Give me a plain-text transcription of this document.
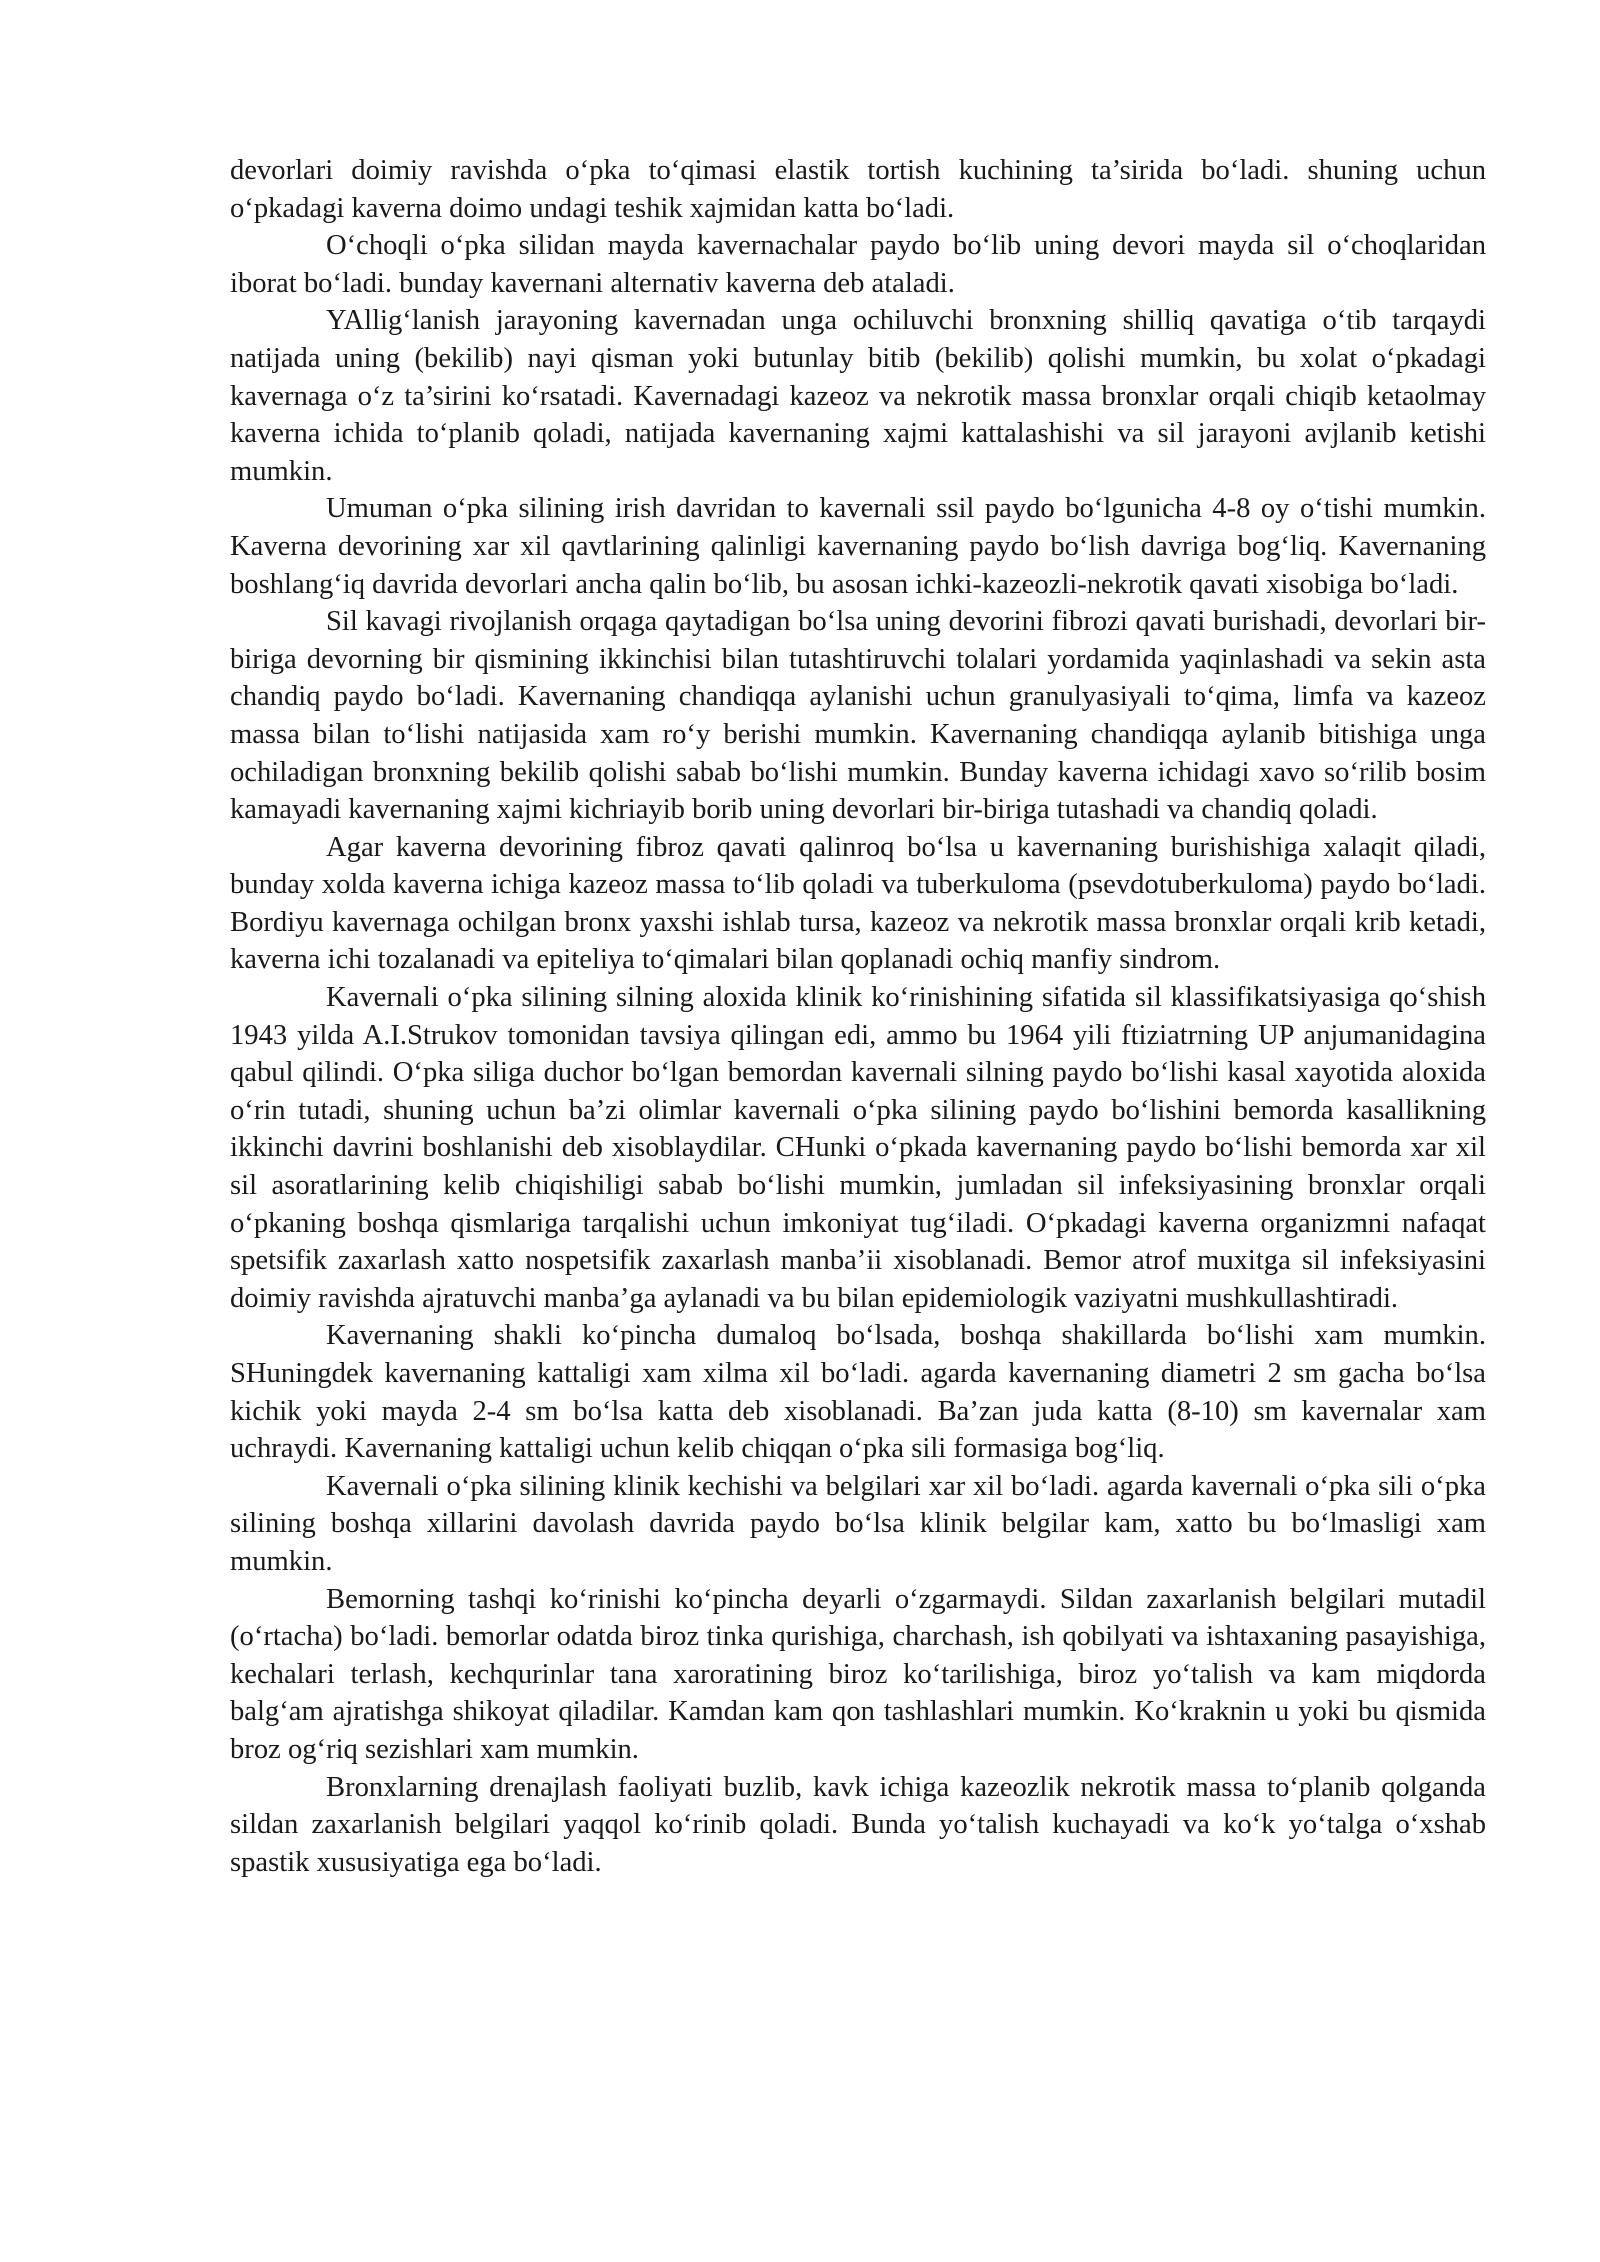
devorlari doimiy ravishda o‘pka to‘qimasi elastik tortish kuchining ta’sirida bo‘ladi. shuning uchun o‘pkadagi kaverna doimo undagi teshik xajmidan katta bo‘ladi.

O‘choqli o‘pka silidan mayda kavernachalar paydo bo‘lib uning devori mayda sil o‘choqlaridan iborat bo‘ladi. bunday kavernani alternativ kaverna deb ataladi.

YAllig‘lanish jarayoning kavernadan unga ochiluvchi bronxning shilliq qavatiga o‘tib tarqaydi natijada uning (bekilib) nayi qisman yoki butunlay bitib (bekilib) qolishi mumkin, bu xolat o‘pkadagi kavernaga o‘z ta’sirini ko‘rsatadi. Kavernadagi kazeoz va nekrotik massa bronxlar orqali chiqib ketaolmay kaverna ichida to‘planib qoladi, natijada kavernaning xajmi kattalashishi va sil jarayoni avjlanib ketishi mumkin.

Umuman o‘pka silining irish davridan to kavernali ssil paydo bo‘lgunicha 4-8 oy o‘tishi mumkin. Kaverna devorining xar xil qavtlarining qalinligi kavernaning paydo bo‘lish davriga bog‘liq. Kavernaning boshlang‘iq davrida devorlari ancha qalin bo‘lib, bu asosan ichki-kazeozli-nekrotik qavati xisobiga bo‘ladi.

Sil kavagi rivojlanish orqaga qaytadigan bo‘lsa uning devorini fibrozi qavati burishadi, devorlari bir-biriga devorning bir qismining ikkinchisi bilan tutashtiruvchi tolalari yordamida yaqinlashadi va sekin asta chandiq paydo bo‘ladi. Kavernaning chandiqqa aylanishi uchun granulyasiyali to‘qima, limfa va kazeoz massa bilan to‘lishi natijasida xam ro‘y berishi mumkin. Kavernaning chandiqqa aylanib bitishiga unga ochiladigan bronxning bekilib qolishi sabab bo‘lishi mumkin. Bunday kaverna ichidagi xavo so‘rilib bosim kamayadi kavernaning xajmi kichriayib borib uning devorlari bir-biriga tutashadi va chandiq qoladi.

Agar kaverna devorining fibroz qavati qalinroq bo‘lsa u kavernaning burishishiga xalaqit qiladi, bunday xolda kaverna ichiga kazeoz massa to‘lib qoladi va tuberkuloma (psevdotuberkuloma) paydo bo‘ladi. Bordiyu kavernaga ochilgan bronx yaxshi ishlab tursa, kazeoz va nekrotik massa bronxlar orqali krib ketadi, kaverna ichi tozalanadi va epiteliya to‘qimalari bilan qoplanadi ochiq manfiy sindrom.

Kavernali o‘pka silining silning aloxida klinik ko‘rinishining sifatida sil klassifikatsiyasiga qo‘shish 1943 yilda A.I.Strukov tomonidan tavsiya qilingan edi, ammo bu 1964 yili ftiziatrning UP anjumanidagina qabul qilindi. O‘pka siliga duchor bo‘lgan bemordan kavernali silning paydo bo‘lishi kasal xayotida aloxida o‘rin tutadi, shuning uchun ba’zi olimlar kavernali o‘pka silining paydo bo‘lishini bemorda kasallikning ikkinchi davrini boshlanishi deb xisoblaydilar. CHunki o‘pkada kavernaning paydo bo‘lishi bemorda xar xil sil asoratlarining kelib chiqishiligi sabab bo‘lishi mumkin, jumladan sil infeksiyasining bronxlar orqali o‘pkaning boshqa qismlariga tarqalishi uchun imkoniyat tug‘iladi. O‘pkadagi kaverna organizmni nafaqat spetsifik zaxarlash xatto nospetsifik zaxarlash manba’ii xisoblanadi. Bemor atrof muxitga sil infeksiyasini doimiy ravishda ajratuvchi manba’ga aylanadi va bu bilan epidemiologik vaziyatni mushkullashtiradi.

Kavernaning shakli ko‘pincha dumaloq bo‘lsada, boshqa shakillarda bo‘lishi xam mumkin. SHuningdek kavernaning kattaligi xam xilma xil bo‘ladi. agarda kavernaning diametri 2 sm gacha bo‘lsa kichik yoki mayda 2-4 sm bo‘lsa katta deb xisoblanadi. Ba’zan juda katta (8-10) sm kavernalar xam uchraydi. Kavernaning kattaligi uchun kelib chiqqan o‘pka sili formasiga bog‘liq.

Kavernali o‘pka silining klinik kechishi va belgilari xar xil bo‘ladi. agarda kavernali o‘pka sili o‘pka silining boshqa xillarini davolash davrida paydo bo‘lsa klinik belgilar kam, xatto bu bo‘lmasligi xam mumkin.

Bemorning tashqi ko‘rinishi ko‘pincha deyarli o‘zgarmaydi. Sildan zaxarlanish belgilari mutadil (o‘rtacha) bo‘ladi. bemorlar odatda biroz tinka qurishiga, charchash, ish qobilyati va ishtaxaning pasayishiga, kechalari terlash, kechqurinlar tana xaroratining biroz ko‘tarilishiga, biroz yo‘talish va kam miqdorda balg‘am ajratishga shikoyat qiladilar. Kamdan kam qon tashlashlari mumkin. Ko‘kraknin u yoki bu qismida broz og‘riq sezishlari xam mumkin.

Bronxlarning drenajlash faoliyati buzlib, kavk ichiga kazeozlik nekrotik massa to‘planib qolganda sildan zaxarlanish belgilari yaqqol ko‘rinib qoladi. Bunda yo‘talish kuchayadi va ko‘k yo‘talga o‘xshab spastik xususiyatiga ega bo‘ladi.
